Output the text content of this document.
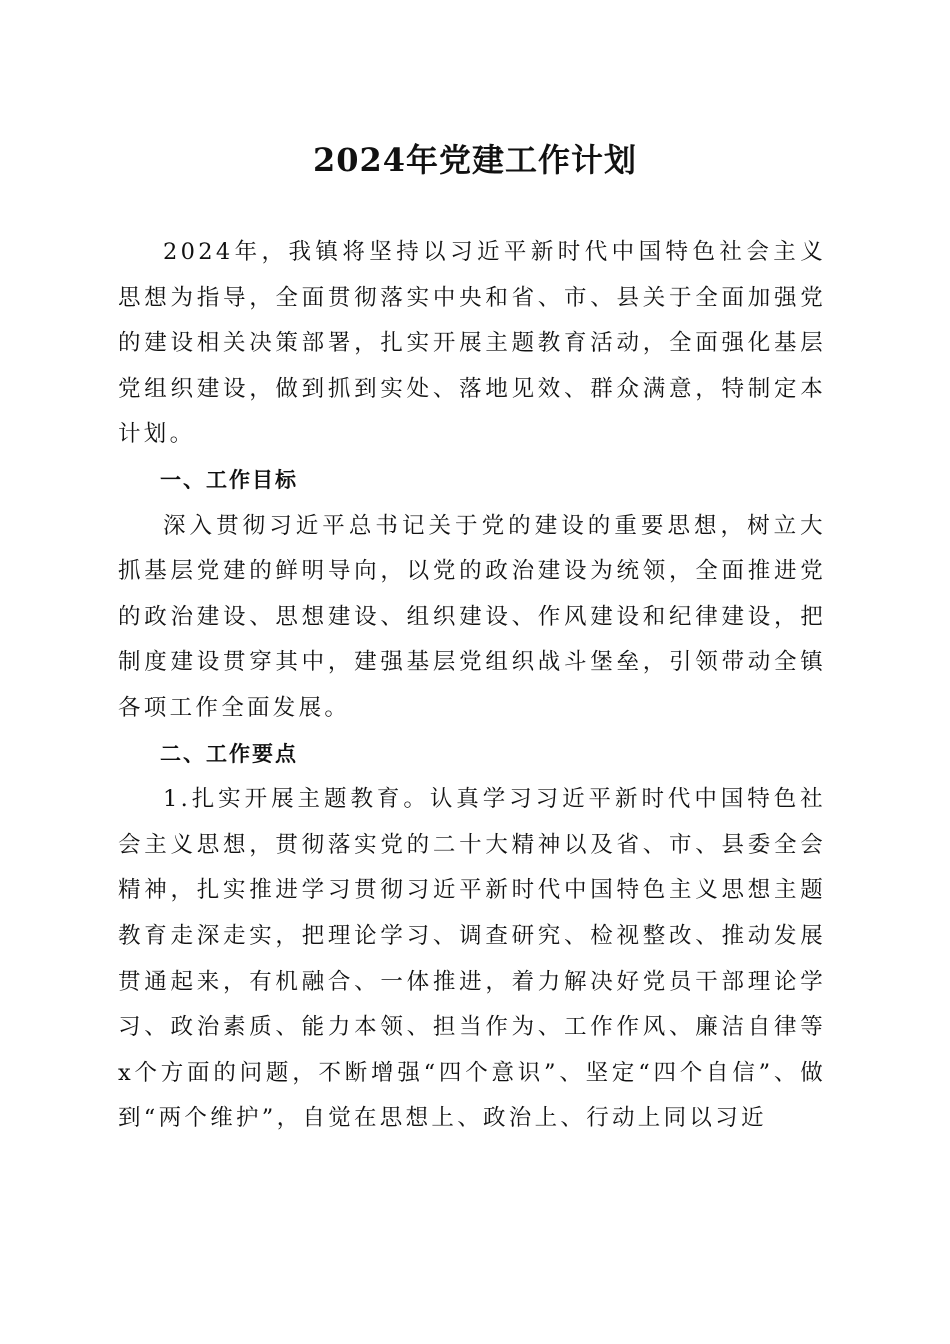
2024年党建工作计划

2024年，我镇将坚持以习近平新时代中国特色社会主义思想为指导，全面贯彻落实中央和省、市、县关于全面加强党的建设相关决策部署，扎实开展主题教育活动，全面强化基层党组织建设，做到抓到实处、落地见效、群众满意，特制定本计划。

一、工作目标

深入贯彻习近平总书记关于党的建设的重要思想，树立大抓基层党建的鲜明导向，以党的政治建设为统领，全面推进党的政治建设、思想建设、组织建设、作风建设和纪律建设，把制度建设贯穿其中，建强基层党组织战斗堡垒，引领带动全镇各项工作全面发展。

二、工作要点

1.扎实开展主题教育。认真学习习近平新时代中国特色社会主义思想，贯彻落实党的二十大精神以及省、市、县委全会精神，扎实推进学习贯彻习近平新时代中国特色主义思想主题教育走深走实，把理论学习、调查研究、检视整改、推动发展贯通起来，有机融合、一体推进，着力解决好党员干部理论学习、政治素质、能力本领、担当作为、工作作风、廉洁自律等x个方面的问题，不断增强“四个意识”、坚定“四个自信”、做到“两个维护”，自觉在思想上、政治上、行动上同以习近
